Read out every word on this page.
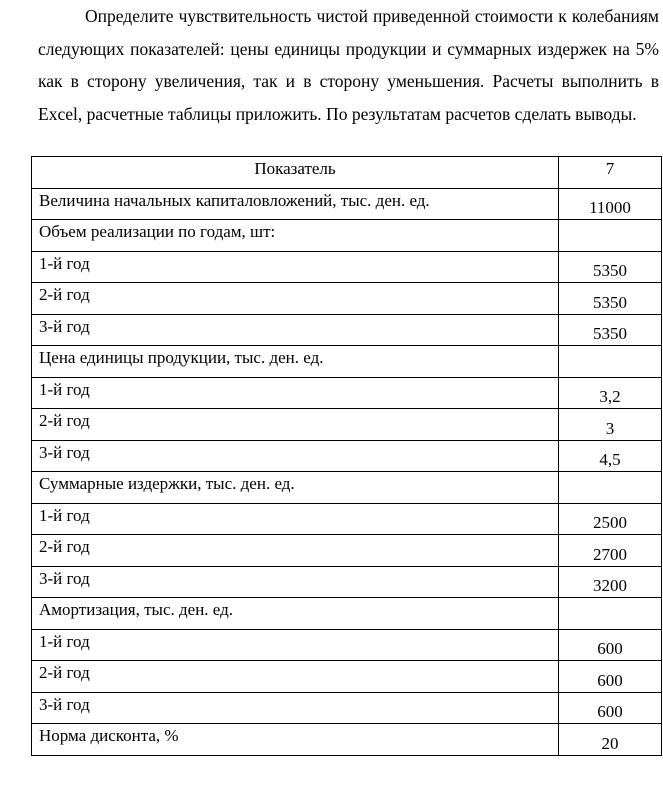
Определите чувствительность чистой приведенной стоимости к колебаниям следующих показателей: цены единицы продукции и суммарных издержек на 5% как в сторону увеличения, так и в сторону уменьшения. Расчеты выполнить в Excel, расчетные таблицы приложить. По результатам расчетов сделать выводы.

Показатель	7
Величина начальных капиталовложений, тыс. ден. ед.	11000
Объем реализации по годам, шт:	
1-й год	5350
2-й год	5350
3-й год	5350
Цена единицы продукции, тыс. ден. ед.	
1-й год	3,2
2-й год	3
3-й год	4,5
Суммарные издержки, тыс. ден. ед.	
1-й год	2500
2-й год	2700
3-й год	3200
Амортизация, тыс. ден. ед.	
1-й год	600
2-й год	600
3-й год	600
Норма дисконта, %	20
